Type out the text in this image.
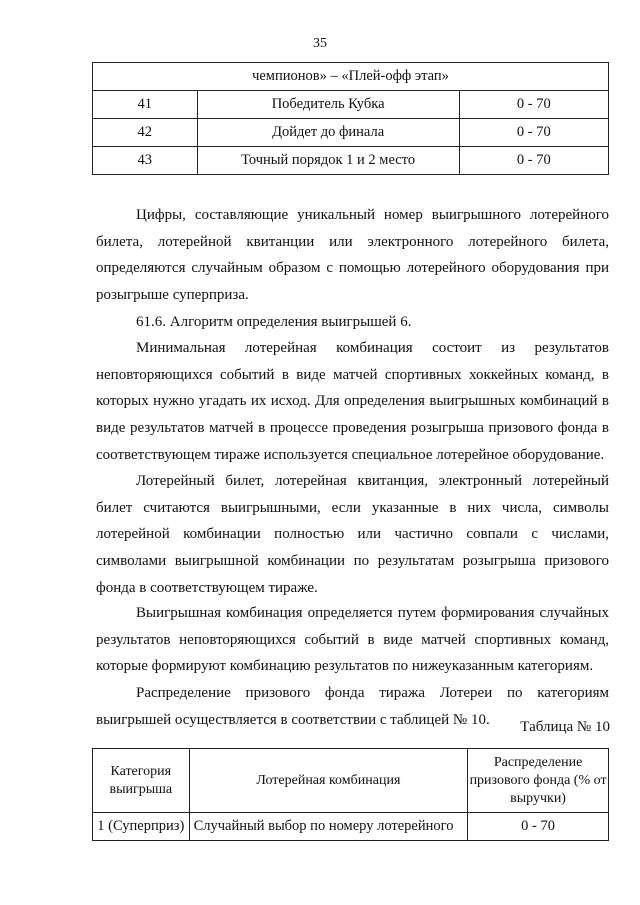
35
чемпионов» – «Плей-офф этап»		
41	Победитель Кубка	0 - 70
42	Дойдет до финала	0 - 70
43	Точный порядок 1 и 2 место	0 - 70

Цифры, составляющие уникальный номер выигрышного лотерейного билета, лотерейной квитанции или электронного лотерейного билета, определяются случайным образом с помощью лотерейного оборудования при розыгрыше суперприза.

61.6. Алгоритм определения выигрышей 6.

Минимальная лотерейная комбинация состоит из результатов неповторяющихся событий в виде матчей спортивных хоккейных команд, в которых нужно угадать их исход. Для определения выигрышных комбинаций в виде результатов матчей в процессе проведения розыгрыша призового фонда в соответствующем тираже используется специальное лотерейное оборудование.

Лотерейный билет, лотерейная квитанция, электронный лотерейный билет считаются выигрышными, если указанные в них числа, символы лотерейной комбинации полностью или частично совпали с числами, символами выигрышной комбинации по результатам розыгрыша призового фонда в соответствующем тираже.

Выигрышная комбинация определяется путем формирования случайных результатов неповторяющихся событий в виде матчей спортивных команд, которые формируют комбинацию результатов по нижеуказанным категориям.

Распределение призового фонда тиража Лотереи по категориям выигрышей осуществляется в соответствии с таблицей № 10.	Таблица № 10
Категория выигрыша	Лотерейная комбинация	Распределение призового фонда (% от выручки)
1 (Суперприз)	Случайный выбор по номеру лотерейного	0 - 70
